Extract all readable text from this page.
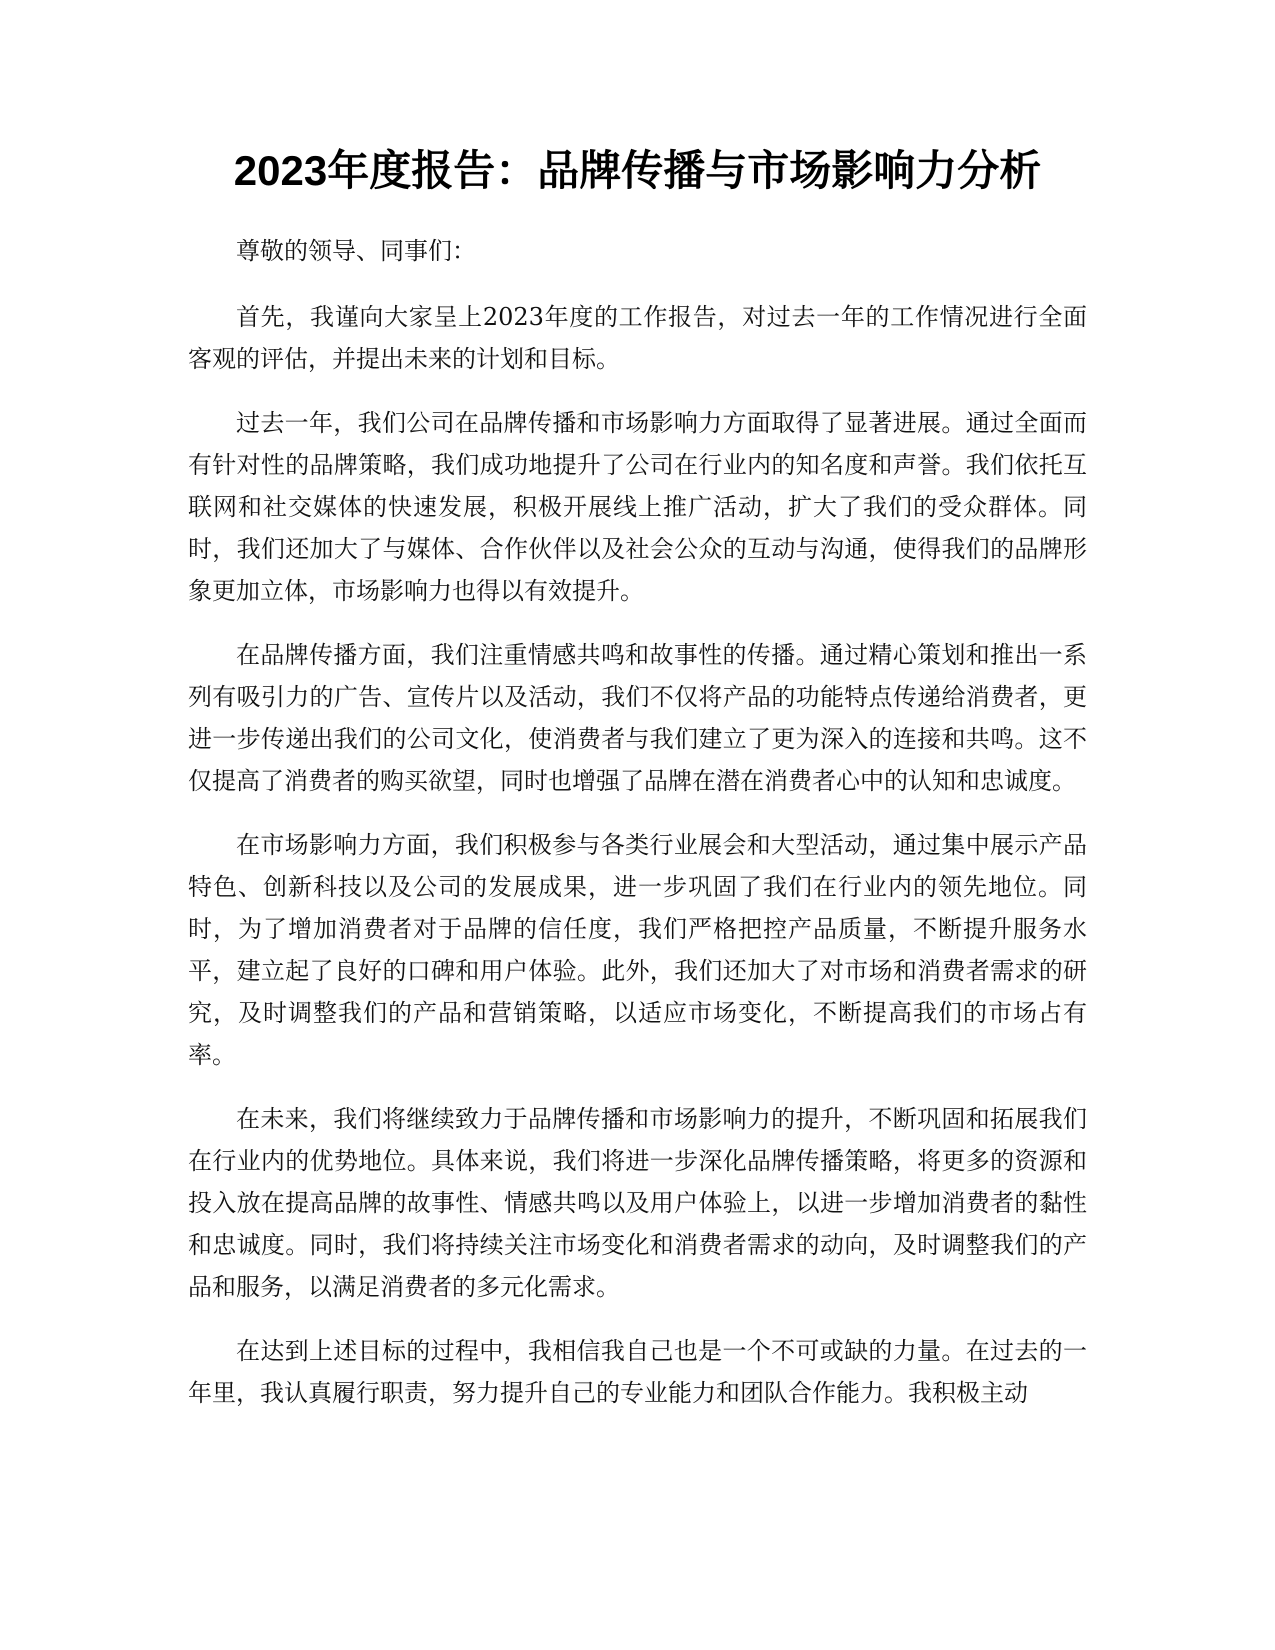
2023年度报告：品牌传播与市场影响力分析

尊敬的领导、同事们：

首先，我谨向大家呈上2023年度的工作报告，对过去一年的工作情况进行全面客观的评估，并提出未来的计划和目标。

过去一年，我们公司在品牌传播和市场影响力方面取得了显著进展。通过全面而有针对性的品牌策略，我们成功地提升了公司在行业内的知名度和声誉。我们依托互联网和社交媒体的快速发展，积极开展线上推广活动，扩大了我们的受众群体。同时，我们还加大了与媒体、合作伙伴以及社会公众的互动与沟通，使得我们的品牌形象更加立体，市场影响力也得以有效提升。

在品牌传播方面，我们注重情感共鸣和故事性的传播。通过精心策划和推出一系列有吸引力的广告、宣传片以及活动，我们不仅将产品的功能特点传递给消费者，更进一步传递出我们的公司文化，使消费者与我们建立了更为深入的连接和共鸣。这不仅提高了消费者的购买欲望，同时也增强了品牌在潜在消费者心中的认知和忠诚度。

在市场影响力方面，我们积极参与各类行业展会和大型活动，通过集中展示产品特色、创新科技以及公司的发展成果，进一步巩固了我们在行业内的领先地位。同时，为了增加消费者对于品牌的信任度，我们严格把控产品质量，不断提升服务水平，建立起了良好的口碑和用户体验。此外，我们还加大了对市场和消费者需求的研究，及时调整我们的产品和营销策略，以适应市场变化，不断提高我们的市场占有率。

在未来，我们将继续致力于品牌传播和市场影响力的提升，不断巩固和拓展我们在行业内的优势地位。具体来说，我们将进一步深化品牌传播策略，将更多的资源和投入放在提高品牌的故事性、情感共鸣以及用户体验上，以进一步增加消费者的黏性和忠诚度。同时，我们将持续关注市场变化和消费者需求的动向，及时调整我们的产品和服务，以满足消费者的多元化需求。

在达到上述目标的过程中，我相信我自己也是一个不可或缺的力量。在过去的一年里，我认真履行职责，努力提升自己的专业能力和团队合作能力。我积极主动
